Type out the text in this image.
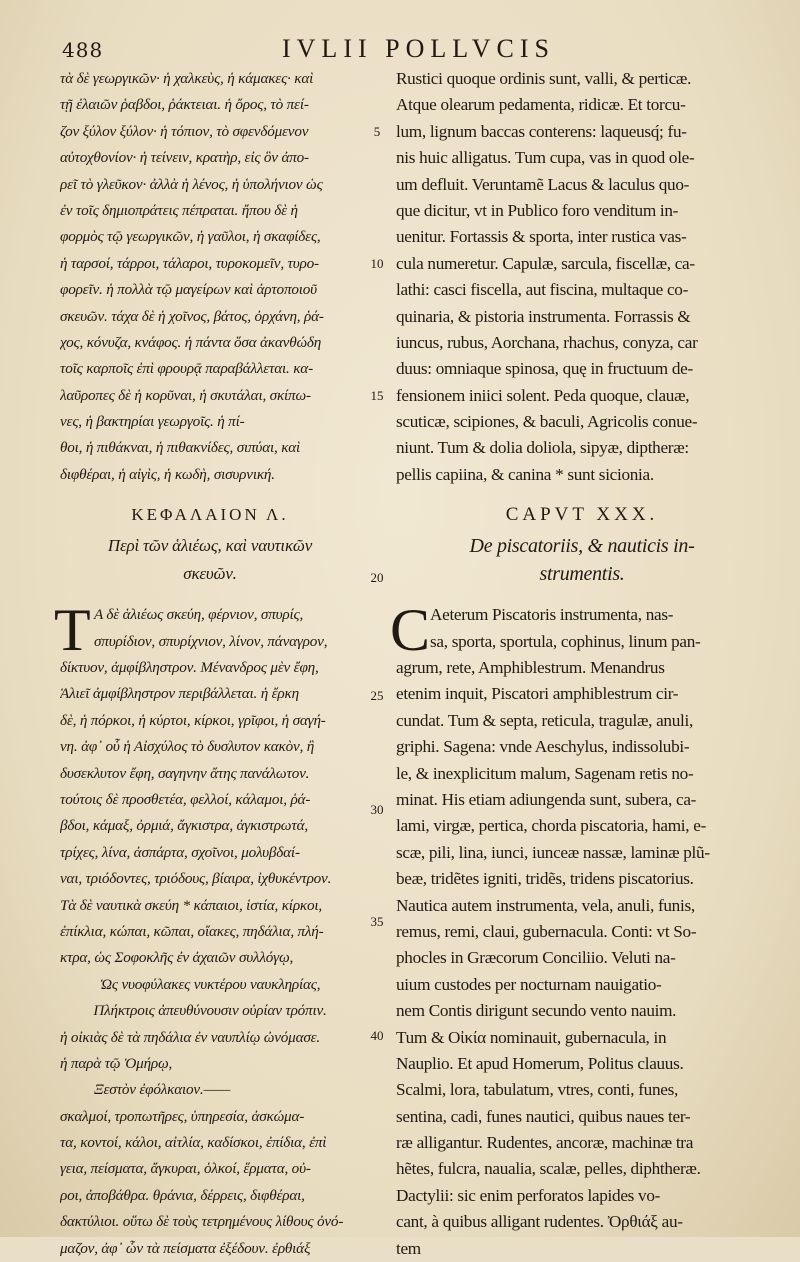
488	IVLII POLLVCIS
τὰ δὲ γεωργικῶν· ἡ χαλκεὺς, ἡ κάμακες· καὶ
τῇ ἐλαιῶν ῥαβδοι, ῥάκτειαι. ἡ ὄρος, τὸ πεί-
ζον ξύλον ξύλον· ἡ τόπιον, τὸ σφενδόμενον
αὐτοχθονίον· ἡ τείνειν, κρατὴρ, εἰς ὃν ἀπο-
ρεῖ τὸ γλεῦκον· ἀλλὰ ἡ λένος, ἡ ὑπολήνιον ὡς
ἐν τοῖς δημιοπράτεις πέπραται. ἤπου δὲ ἡ
φορμὸς τῷ γεωργικῶν, ἡ γαῦλοι, ἡ σκαφίδες,
ἡ ταρσοί, τάρροι, τάλαροι, τυροκομεῖν, τυρο-
φορεῖν. ἡ πολλὰ τῷ μαγείρων καὶ ἀρτοποιοῦ
σκευῶν. τάχα δὲ ἡ χοῖνος, βάτος, ὀρχάνη, ῥά-
χος, κόνυζα, κνάφος. ἡ πάντα ὅσα ἀκανθώδη
τοῖς καρποῖς ἐπὶ φρουρᾷ παραβάλλεται. κα-
λαῦροπες δὲ ἡ κορῦναι, ἡ σκυτάλαι, σκίπω-
νες, ἡ βακτηρίαι γεωργοῖς. ἡ πί-
θοι, ἡ πιθάκναι, ἡ πιθακνίδες, σιπύαι, καὶ
διφθέραι, ἡ αἰγὶς, ἡ κωδὴ, σισυρνική.
ΚΕΦΑΛΑΙΟΝ Λ.
Περὶ τῶν ἁλιέως, καὶ ναυτικῶν
σκευῶν.
Τ Α δὲ ἁλιέως σκεύη, φέρνιον, σπυρίς,
σπυρίδιον, σπυρίχνιον, λίνον, πάναγρον,
δίκτυον, ἀμφίβληστρον. Μένανδρος μὲν ἔφη,
Ἁλιεῖ ἀμφίβληστρον περιβάλλεται. ἡ ἔρκη
δὲ, ἡ πόρκοι, ἡ κύρτοι, κίρκοι, γρῖφοι, ἡ σαγή-
νη. ἀφ᾽ οὗ ἡ Αἰσχύλος τὸ δυσλυτον κακὸν, ἢ
δυσεκλυτον ἔφη, σαγηνην ἄτης πανάλωτον.
τούτοις δὲ προσθετέα, φελλοί, κάλαμοι, ῥά-
βδοι, κάμαξ, ὀρμιά, ἄγκιστρα, ἀγκιστρωτά,
τρίχες, λίνα, ἀσπάρτα, σχοῖνοι, μολυβδαί-
ναι, τριόδοντες, τριόδους, βίαιρα, ἰχθυκέντρον.
Τὰ δὲ ναυτικὰ σκεύη * κάπαιοι, ἱστία, κίρκοι,
ἐπίκλια, κώπαι, κῶπαι, οἴακες, πηδάλια, πλή-
κτρα, ὡς Σοφοκλῆς ἐν ἀχαιῶν συλλόγῳ,
Ὡς νυοφύλακες νυκτέρου ναυκληρίας,
Πλήκτροις ἀπευθύνουσιν οὐρίαν τρόπιν.
ἡ οἰκιὰς δὲ τὰ πηδάλια ἐν ναυπλίῳ ὠνόμασε.
ἡ παρὰ τῷ Ὁμήρῳ,
Ξεστὸν ἐφόλκαιον.——
σκαλμοί, τροπωτῆρες, ὑπηρεσία, ἀσκώμα-
τα, κοντοί, κάλοι, αἰτλία, καδίσκοι, ἐπίδια, ἐπὶ
γεια, πείσματα, ἄγκυραι, ὁλκοί, ἕρματα, οὐ-
ροι, ἀποβάθρα. θράνια, δέρρεις, διφθέραι,
δακτύλιοι. οὕτω δὲ τοὺς τετρημένους λίθους ὀνό-
μαζον, ἀφ᾽ ὧν τὰ πείσματα ἐξέδουν. ἐρθιάξ
5
10
15
20
25
30
35
40
Rustici quoque ordinis sunt, valli, & perticæ.
Atque olearum pedamenta, ridicæ. Et torcu-
lum, lignum baccas conterens: laqueusq́; fu-
nis huic alligatus. Tum cupa, vas in quod ole-
um defluit. Veruntamẽ Lacus & laculus quo-
que dicitur, vt in Publico foro venditum in-
uenitur. Fortassis & sporta, inter rustica vas-
cula numeretur. Capulæ, sarcula, fiscellæ, ca-
lathi: casci fiscella, aut fiscina, multaque co-
quinaria, & pistoria instrumenta. Forrassis &
iuncus, rubus, Aorchana, rhachus, conyza, car
duus: omniaque spinosa, quę in fructuum de-
fensionem iniici solent. Peda quoque, clauæ,
scuticæ, scipiones, & baculi, Agricolis conue-
niunt. Tum & dolia doliola, sipyæ, diptheræ:
pellis capiina, & canina * sunt sicionia.
CAPVT XXX.
De piscatoriis, & nauticis in-
strumentis.
C Aeterum Piscatoris instrumenta, nas-
sa, sporta, sportula, cophinus, linum pan-
agrum, rete, Amphiblestrum. Menandrus
etenim inquit, Piscatori amphiblestrum cir-
cundat. Tum & septa, reticula, tragulæ, anuli,
griphi. Sagena: vnde Aeschylus, indissolubi-
le, & inexplicitum malum, Sagenam retis no-
minat. His etiam adiungenda sunt, subera, ca-
lami, virgæ, pertica, chorda piscatoria, hami, e-
scæ, pili, lina, iunci, iunceæ nassæ, laminæ plũ-
beæ, tridẽtes igniti, tridẽs, tridens piscatorius.
Nautica autem instrumenta, vela, anuli, funis,
remus, remi, claui, gubernacula. Conti: vt So-
phocles in Græcorum Conciliio. Veluti na-
uium custodes per nocturnam nauigatio-
nem Contis dirigunt secundo vento nauim.
Tum & Οἰκία nominauit, gubernacula, in
Nauplio. Et apud Homerum, Politus clauus.
Scalmi, lora, tabulatum, vtres, conti, funes,
sentina, cadi, funes nautici, quibus naues ter-
ræ alligantur. Rudentes, ancoræ, machinæ tra
hẽtes, fulcra, naualia, scalæ, pelles, diphtheræ.
Dactylii: sic enim perforatos lapides vo-
cant, à quibus alligant rudentes. Ὀρθιάξ au-
tem
